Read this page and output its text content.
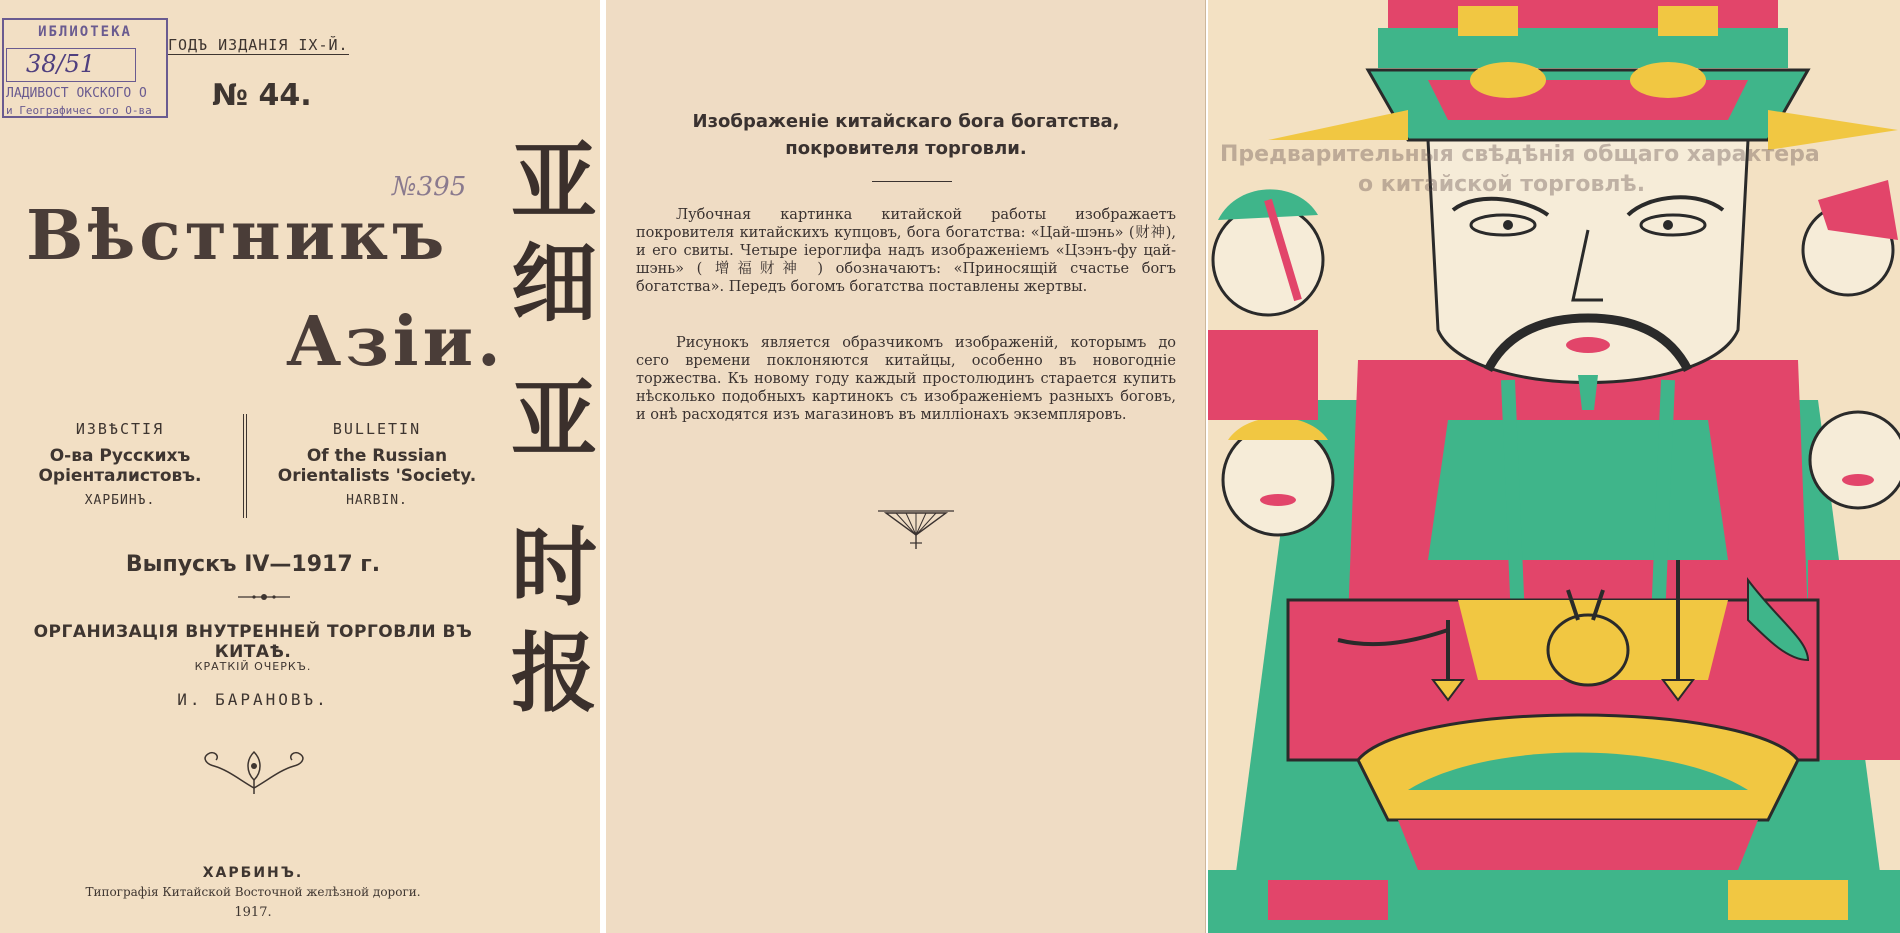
ИБЛИОТЕКА
38/51
ЛАДИВОСТ ОКСКОГО О
и Географичес ого О-ва
ГОДЪ ИЗДАНІЯ IX-Й.
№ 44.
№395
Вѣстникъ
Азіи.
亚
细
亚
时
报
ИЗВѢСТІЯ
О-ва Русскихъ Оріенталистовъ.
ХАРБИНЪ.
BULLETIN
Of the Russian Orientalists 'Society.
HARBIN.
Выпускъ IV—1917 г.
ОРГАНИЗАЦІЯ ВНУТРЕННЕЙ ТОРГОВЛИ ВЪ КИТАѢ.
КРАТКІЙ ОЧЕРКЪ.
И. БАРАНОВЪ.
ХАРБИНЪ.
Типографія Китайской Восточной желѣзной дороги.
1917.
Изображеніе китайскаго бога богатства, покровителя торговли.
Лубочная картинка китайской работы изображаетъ покровителя китайскихъ купцовъ, бога богатства: «Цай-шэнь» (财神), и его свиты. Четыре іероглифа надъ изображеніемъ «Цзэнъ-фу цай-шэнь» ( 增福财神 ) обозначаютъ: «Приносящій счастье богъ богатства». Передъ богомъ богатства поставлены жертвы.
Рисунокъ является образчикомъ изображеній, которымъ до сего времени поклоняются китайцы, особенно въ новогодніе торжества. Къ новому году каждый простолюдинъ старается купить нѣсколько подобныхъ картинокъ съ изображеніемъ разныхъ боговъ, и онѣ расходятся изъ магазиновъ въ милліонахъ экземпляровъ.
Предварительныя свѣдѣнія общаго характера
о китайской торговлѣ.
